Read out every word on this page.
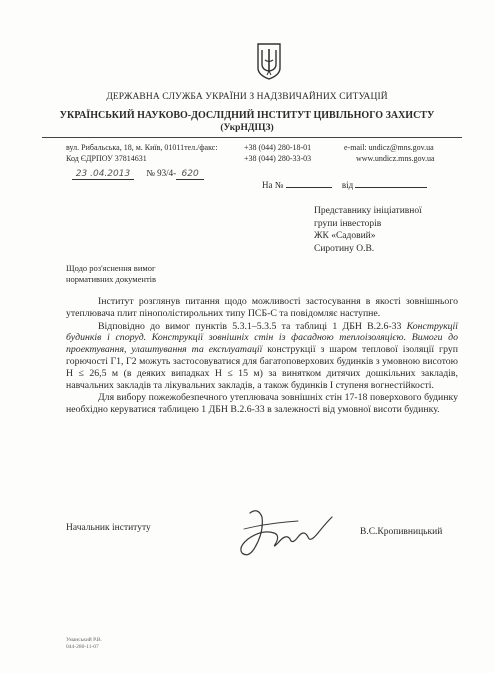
ДЕРЖАВНА СЛУЖБА УКРАЇНИ З НАДЗВИЧАЙНИХ СИТУАЦІЙ
УКРАЇНСЬКИЙ НАУКОВО-ДОСЛІДНИЙ ІНСТИТУТ ЦИВІЛЬНОГО ЗАХИСТУ
(УкрНДІЦЗ)
вул. Рибальська, 18, м. Київ, 01011тел./факс:	+38 (044) 280-18-01	e-mail: undicz@mns.gov.ua
Код ЄДРПОУ 37814631	+38 (044) 280-33-03	www.undicz.mns.gov.ua
23 .04.2013 № 93/4- 620
На №	від
Представнику ініціативної
групи інвесторів
ЖК «Садовий»
Сиротину О.В.
Щодо роз'яснення вимог
нормативних документів

Інститут розглянув питання щодо можливості застосування в якості зовнішнього утеплювача плит пінополістирольних типу ПСБ-С та повідомляє наступне.

Відповідно до вимог пунктів 5.3.1–5.3.5 та таблиці 1 ДБН В.2.6-33 Конструкції будинків і споруд. Конструкції зовнішніх стін із фасадною теплоізоляцією. Вимоги до проектування, улаштування та експлуатації конструкції з шаром теплової ізоляції груп горючості Г1, Г2 можуть застосовуватися для багатоповерхових будинків з умовною висотою Н ≤ 26,5 м (в деяких випадках Н ≤ 15 м) за винятком дитячих дошкільних закладів, навчальних закладів та лікувальних закладів, а також будинків І ступеня вогнестійкості.

Для вибору пожежобезпечного утеплювача зовнішніх стін 17-18 поверхового будинку необхідно керуватися таблицею 1 ДБН В.2.6-33 в залежності від умовної висоти будинку.

Начальник інституту	В.С.Кропивницький
Уманський Р.В.
044-280-11-07
